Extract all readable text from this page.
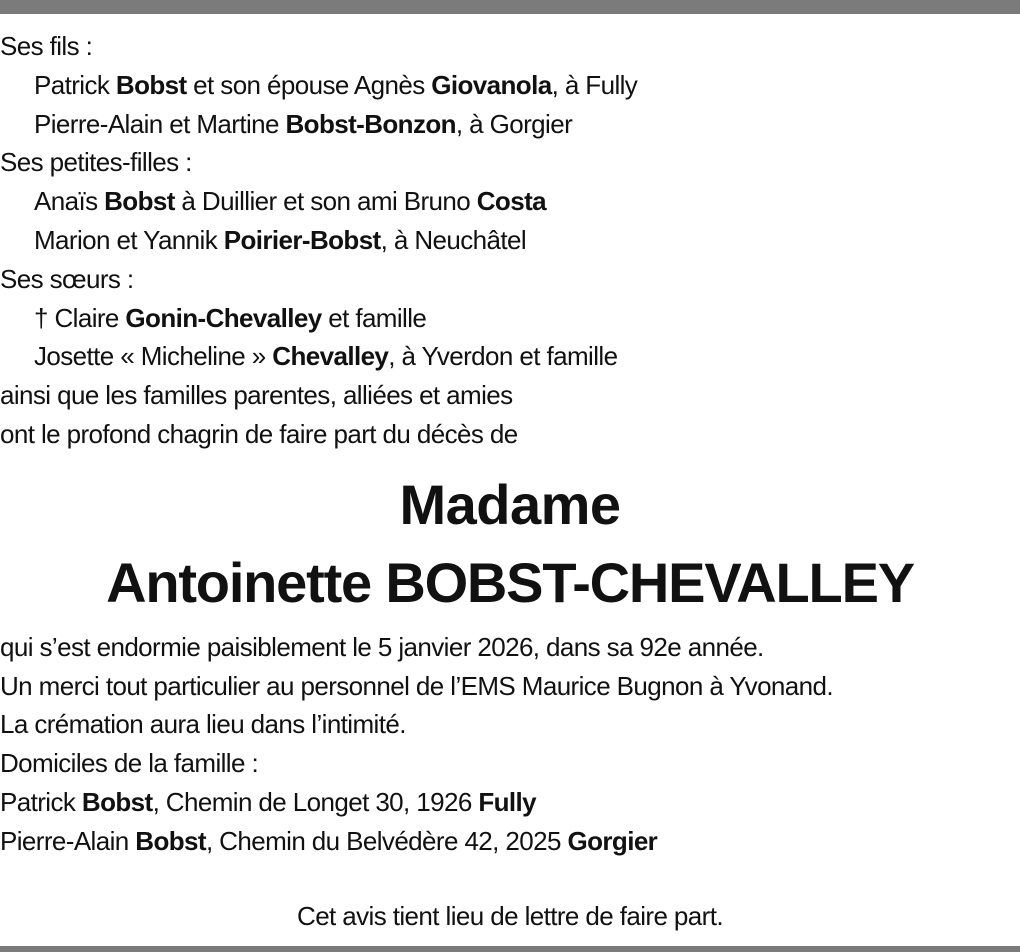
Ses fils :
Patrick Bobst et son épouse Agnès Giovanola, à Fully
Pierre-Alain et Martine Bobst-Bonzon, à Gorgier
Ses petites-filles :
Anaïs Bobst à Duillier et son ami Bruno Costa
Marion et Yannik Poirier-Bobst, à Neuchâtel
Ses sœurs :
† Claire Gonin-Chevalley et famille
Josette « Micheline » Chevalley, à Yverdon et famille
ainsi que les familles parentes, alliées et amies
ont le profond chagrin de faire part du décès de
Madame
Antoinette BOBST-CHEVALLEY
qui s’est endormie paisiblement le 5 janvier 2026, dans sa 92e année.
Un merci tout particulier au personnel de l’EMS Maurice Bugnon à Yvonand.
La crémation aura lieu dans l’intimité.
Domiciles de la famille :
Patrick Bobst, Chemin de Longet 30, 1926 Fully
Pierre-Alain Bobst, Chemin du Belvédère 42, 2025 Gorgier
Cet avis tient lieu de lettre de faire part.
